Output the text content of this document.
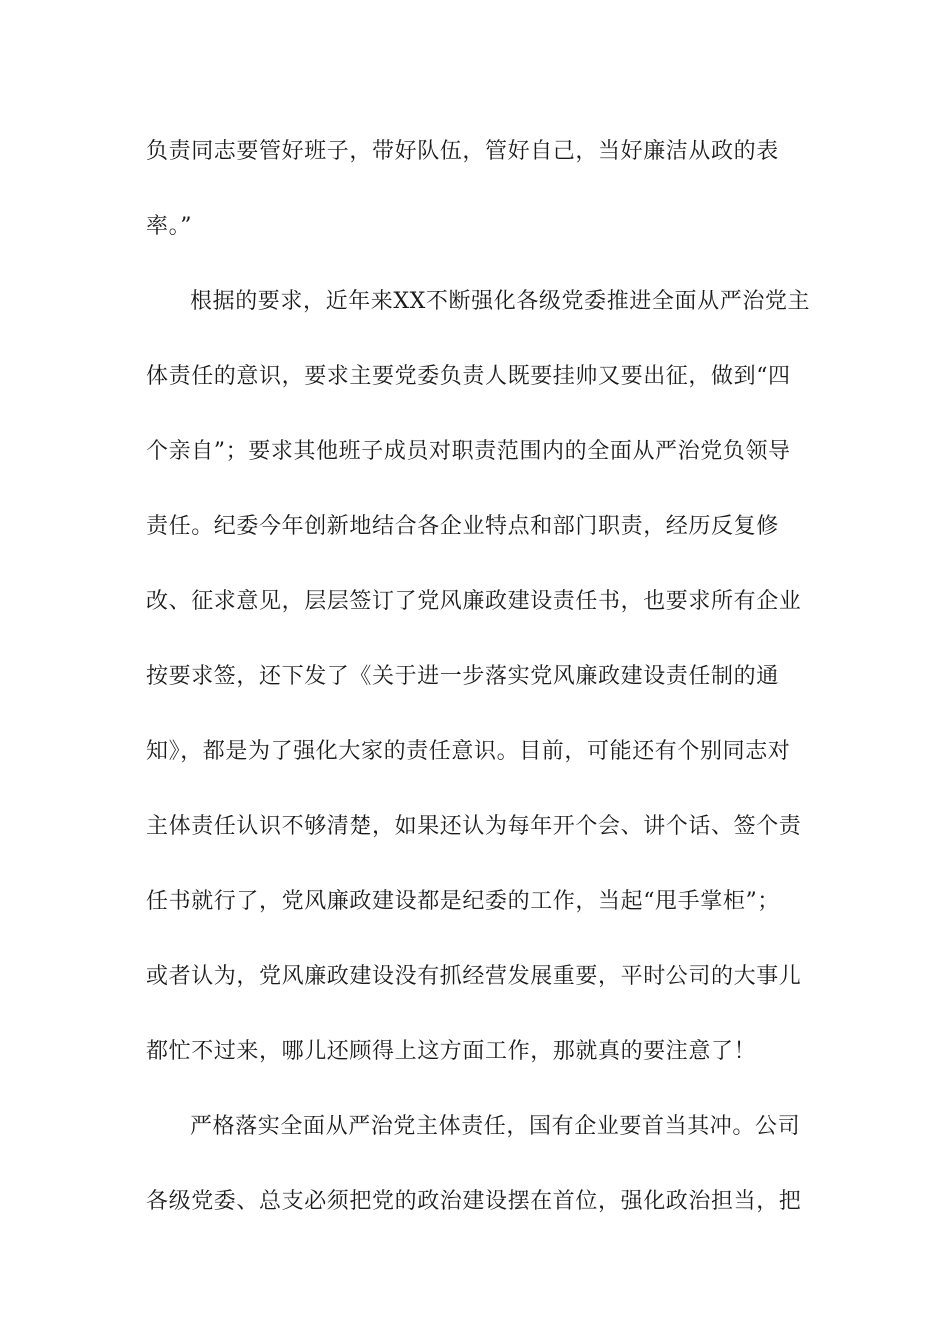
负责同志要管好班子，带好队伍，管好自己，当好廉洁从政的表
率。”
根据的要求，近年来XX不断强化各级党委推进全面从严治党主
体责任的意识，要求主要党委负责人既要挂帅又要出征，做到“四
个亲自”；要求其他班子成员对职责范围内的全面从严治党负领导
责任。纪委今年创新地结合各企业特点和部门职责，经历反复修
改、征求意见，层层签订了党风廉政建设责任书，也要求所有企业
按要求签，还下发了《关于进一步落实党风廉政建设责任制的通
知》，都是为了强化大家的责任意识。目前，可能还有个别同志对
主体责任认识不够清楚，如果还认为每年开个会、讲个话、签个责
任书就行了，党风廉政建设都是纪委的工作，当起“甩手掌柜”；
或者认为，党风廉政建设没有抓经营发展重要，平时公司的大事儿
都忙不过来，哪儿还顾得上这方面工作，那就真的要注意了！
严格落实全面从严治党主体责任，国有企业要首当其冲。公司
各级党委、总支必须把党的政治建设摆在首位，强化政治担当，把
